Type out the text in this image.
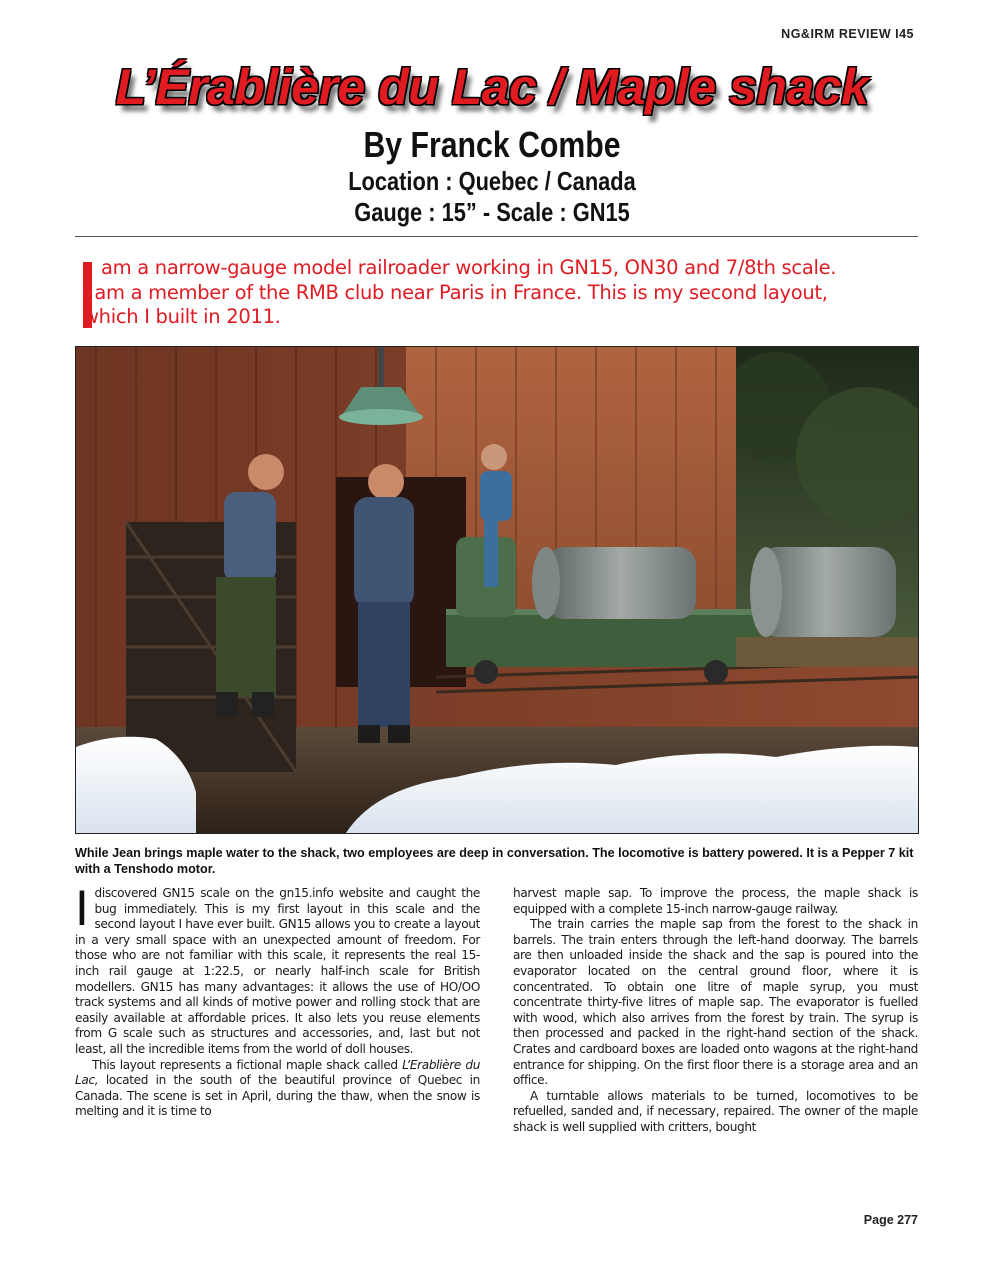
NG&IRM REVIEW I45
L’Érablière du Lac / Maple shack
By Franck Combe
Location : Quebec / Canada
Gauge : 15” - Scale : GN15
am a narrow-gauge model railroader working in GN15, ON30 and 7/8th scale.
I am a member of the RMB club near Paris in France. This is my second layout,
which I built in 2011.
While Jean brings maple water to the shack, two employees are deep in conversation. The locomotive is battery powered. It is a Pepper 7 kit with a Tenshodo motor.

Idiscovered GN15 scale on the gn15.info website and caught the bug immediately. This is my first layout in this scale and the second layout I have ever built. GN15 allows you to create a layout in a very small space with an unexpected amount of freedom. For those who are not familiar with this scale, it represents the real 15-inch rail gauge at 1:22.5, or nearly half-inch scale for British modellers. GN15 has many advantages: it allows the use of HO/OO track systems and all kinds of motive power and rolling stock that are easily available at affordable prices. It also lets you reuse elements from G scale such as structures and accessories, and, last but not least, all the incredible items from the world of doll houses.

This layout represents a fictional maple shack called L’Erablière du Lac, located in the south of the beautiful province of Quebec in Canada. The scene is set in April, during the thaw, when the snow is melting and it is time to

harvest maple sap. To improve the process, the maple shack is equipped with a complete 15-inch narrow-gauge railway.

The train carries the maple sap from the forest to the shack in barrels. The train enters through the left-hand doorway. The barrels are then unloaded inside the shack and the sap is poured into the evaporator located on the central ground floor, where it is concentrated. To obtain one litre of maple syrup, you must concentrate thirty-five litres of maple sap. The evaporator is fuelled with wood, which also arrives from the forest by train. The syrup is then processed and packed in the right-hand section of the shack. Crates and cardboard boxes are loaded onto wagons at the right-hand entrance for shipping. On the first floor there is a storage area and an office.

A turntable allows materials to be turned, locomotives to be refuelled, sanded and, if necessary, repaired. The owner of the maple shack is well supplied with critters, bought

Page 277
